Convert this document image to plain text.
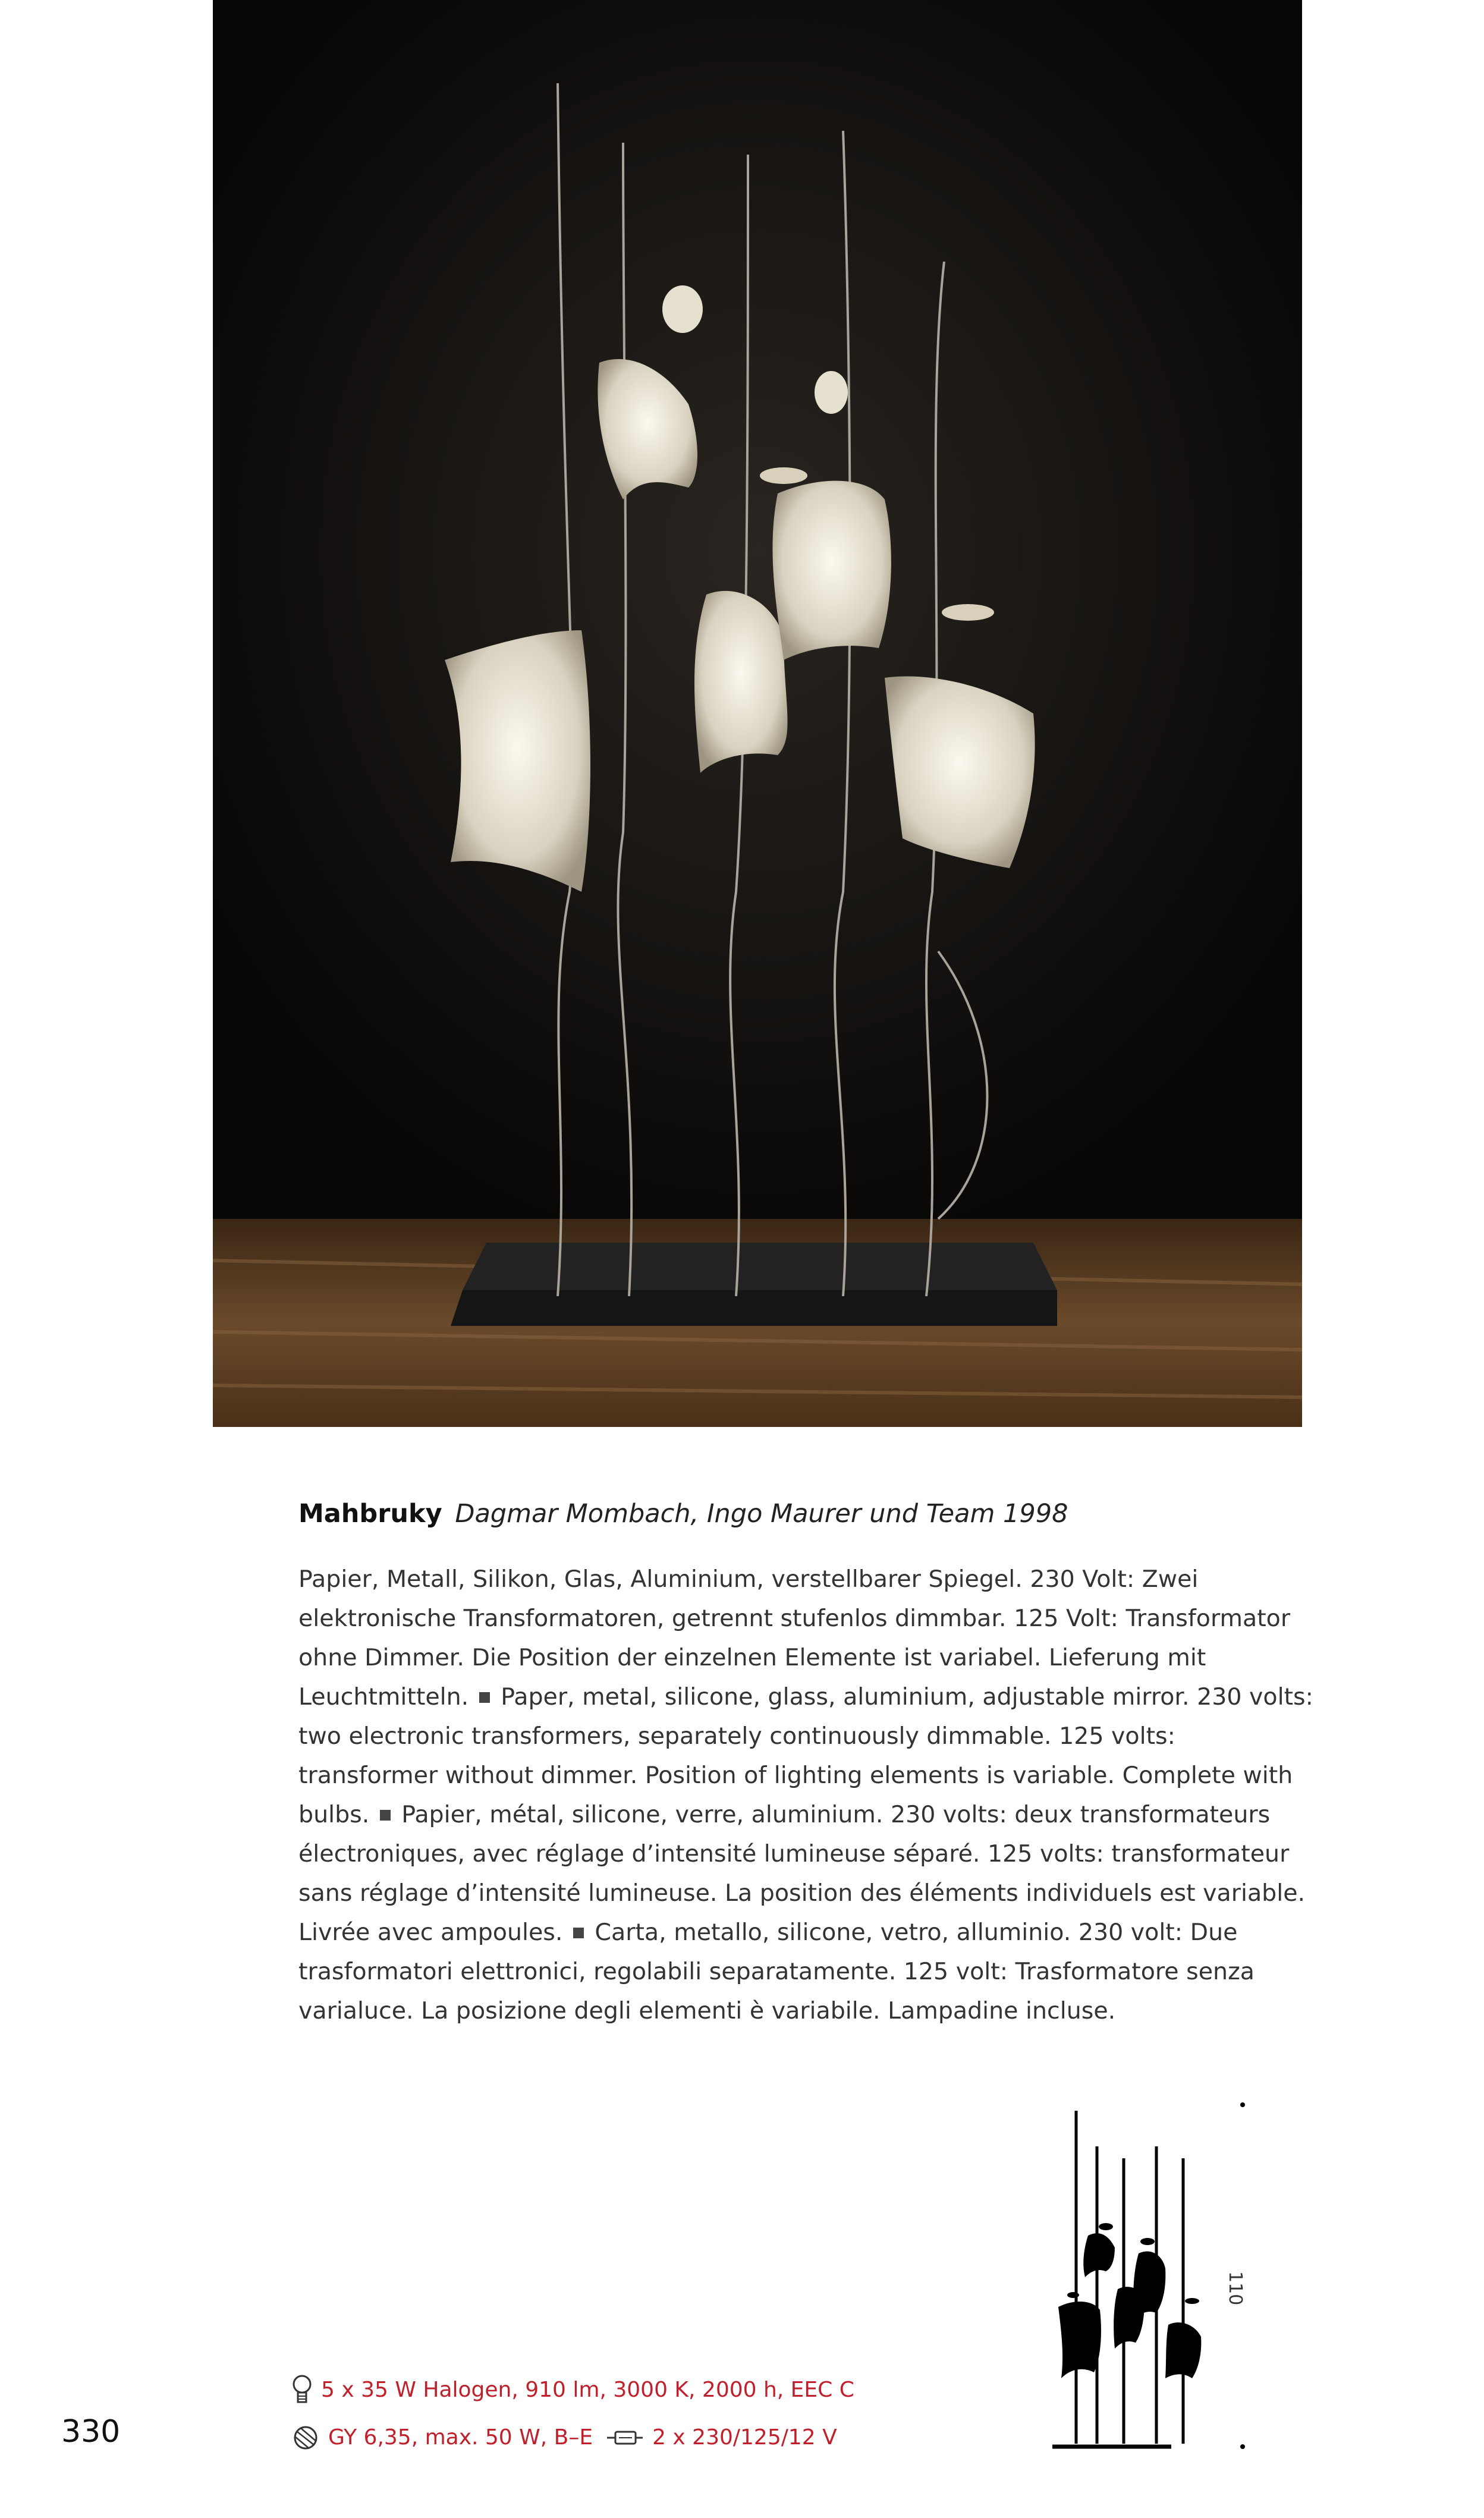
Mahbruky Dagmar Mombach, Ingo Maurer und Team 1998
Papier, Metall, Silikon, Glas, Aluminium, verstellbarer Spiegel. 230 Volt: Zwei elektronische Transformatoren, getrennt stufenlos dimmbar. 125 Volt: Transformator ohne Dimmer. Die Position der einzelnen Elemente ist variabel. Lieferung mit Leuchtmitteln. Paper, metal, silicone, glass, aluminium, adjustable mirror. 230 volts: two electronic transformers, separately continuously dimmable. 125 volts: transformer without dimmer. Position of lighting elements is variable. Complete with bulbs. Papier, métal, silicone, verre, aluminium. 230 volts: deux transformateurs électroniques, avec réglage d’intensité lumineuse séparé. 125 volts: transformateur sans réglage d’intensité lumineuse. La position des éléments individuels est variable. Livrée avec ampoules. Carta, metallo, silicone, vetro, alluminio. 230 volt: Due trasformatori elettronici, regolabili separatamente. 125 volt: Trasformatore senza varialuce. La posizione degli elementi è variabile. Lampadine incluse.
110
5 x 35 W Halogen, 910 lm, 3000 K, 2000 h, EEC C
GY 6,35, max. 50 W, B–E	2 x 230/125/12 V
330
